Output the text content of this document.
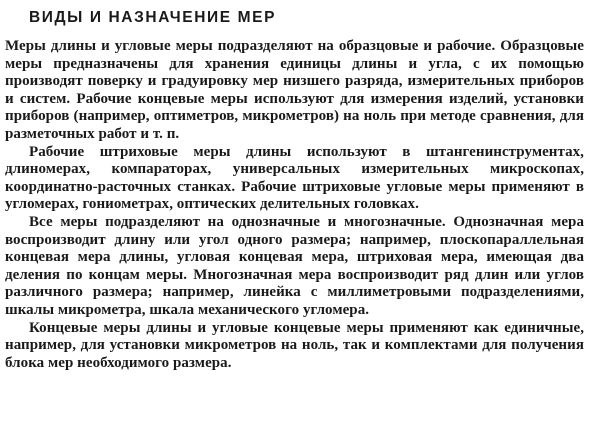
ВИДЫ И НАЗНАЧЕНИЕ МЕР

Меры длины и угловые меры подразделяют на образцовые и рабочие. Образцовые меры предназначены для хранения единицы длины и угла, с их помощью производят поверку и градуировку мер низшего разряда, измерительных приборов и систем. Рабочие концевые меры используют для измерения изделий, установки приборов (например, оптиметров, микрометров) на ноль при методе сравнения, для разметочных работ и т. п.

Рабочие штриховые меры длины используют в штангенинструментах, длиномерах, компараторах, универсальных измерительных микроскопах, координатно-расточных станках. Рабочие штриховые угловые меры применяют в угломерах, гониометрах, оптических делительных головках.

Все меры подразделяют на однозначные и многозначные. Однозначная мера воспроизводит длину или угол одного размера; например, плоскопараллельная концевая мера длины, угловая концевая мера, штриховая мера, имеющая два деления по концам меры. Многозначная мера воспроизводит ряд длин или углов различного размера; например, линейка с миллиметровыми подразделениями, шкалы микрометра, шкала механического угломера.

Концевые меры длины и угловые концевые меры применяют как единичные, например, для установки микрометров на ноль, так и комплектами для получения блока мер необходимого размера.
